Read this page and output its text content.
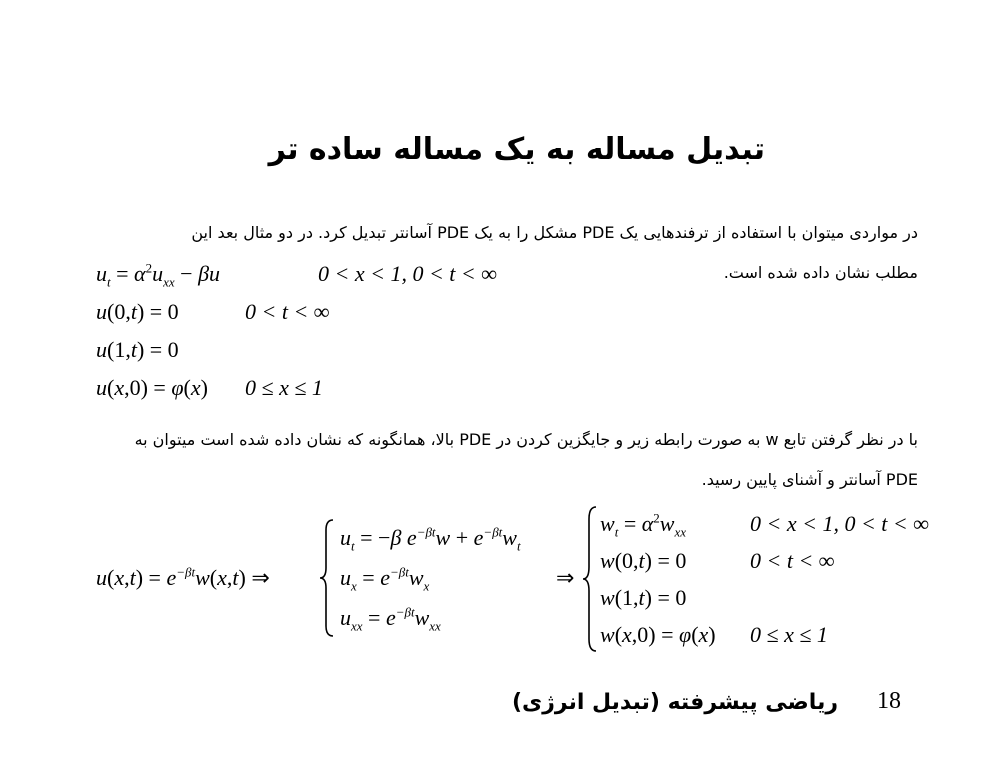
تبدیل مساله به یک مساله ساده تر
در مواردی میتوان با استفاده از ترفندهایی یک PDE مشکل را به یک PDE آسانتر تبدیل کرد. در دو مثال بعد این
مطلب نشان داده شده است.
$u_t = \alpha^2u_{xx} - \beta u$	0 < x < 1, 0 < t < ∞
u(0,t) = 0	0 < t < ∞
u(1,t) = 0
u(x,0) = φ(x) 0 ≤ x ≤ 1
با در نظر گرفتن تابع w به صورت رابطه زیر و جایگزین کردن در PDE بالا، همانگونه که نشان داده شده است میتوان به
PDE آسانتر و آشنای پایین رسید.
$u(x,t) = e^{-\beta t}w(x,t)$ ⇒
$u_t = -\beta$ $e^{-\beta t}w + e^{-\beta t}w_t$
$u_x = e^{-\beta t}w_x$
$u_{xx} = e^{-\beta t}w_{xx}$
⇒
$w_t = \alpha^2w_{xx}$	0 < x < 1, 0 < t < ∞
w(0,t) = 0	0 < t < ∞
w(1,t) = 0
w(x,0) = φ(x) 0 ≤ x ≤ 1
ریاضی پیشرفته (تبدیل انرژی) 18
